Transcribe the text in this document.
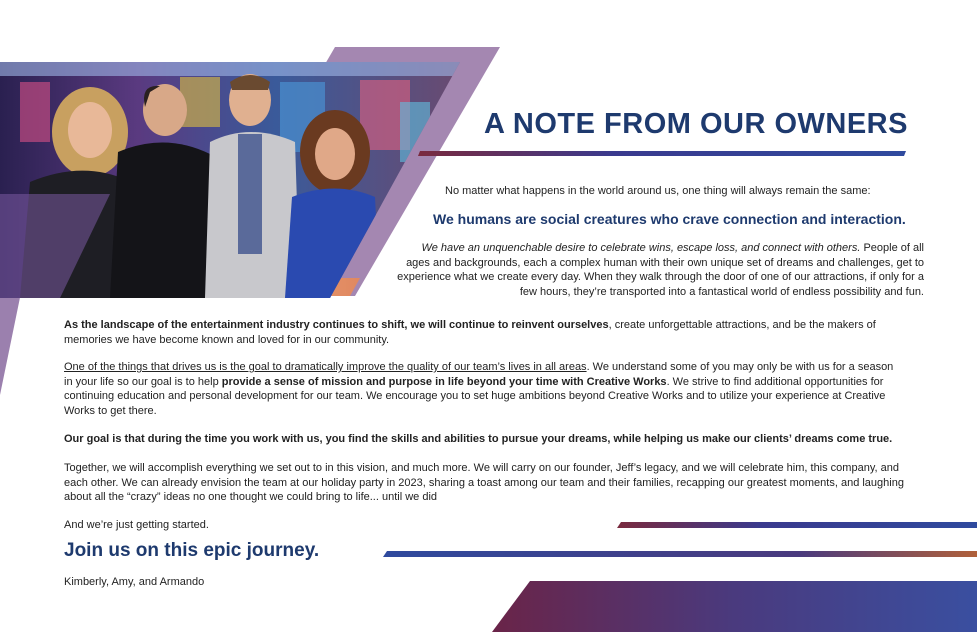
A NOTE FROM OUR OWNERS

No matter what happens in the world around us, one thing will always remain the same:

We humans are social creatures who crave connection and interaction.

We have an unquenchable desire to celebrate wins, escape loss, and connect with others. People of all ages and backgrounds, each a complex human with their own unique set of dreams and challenges, get to experience what we create every day. When they walk through the door of one of our attractions, if only for a few hours, they’re transported into a fantastical world of endless possibility and fun.

As the landscape of the entertainment industry continues to shift, we will continue to reinvent ourselves, create unforgettable attractions, and be the makers of memories we have become known and loved for in our community.

One of the things that drives us is the goal to dramatically improve the quality of our team’s lives in all areas. We understand some of you may only be with us for a season in your life so our goal is to help provide a sense of mission and purpose in life beyond your time with Creative Works. We strive to find additional opportunities for continuing education and personal development for our team. We encourage you to set huge ambitions beyond Creative Works and to utilize your experience at Creative Works to get there.

Our goal is that during the time you work with us, you find the skills and abilities to pursue your dreams, while helping us make our clients’ dreams come true.

Together, we will accomplish everything we set out to in this vision, and much more. We will carry on our founder, Jeff’s legacy, and we will celebrate him, this company, and each other. We can already envision the team at our holiday party in 2023, sharing a toast among our team and their families, recapping our greatest moments, and laughing about all the “crazy” ideas no one thought we could bring to life... until we did

And we’re just getting started.

Join us on this epic journey.

Kimberly, Amy, and Armando
